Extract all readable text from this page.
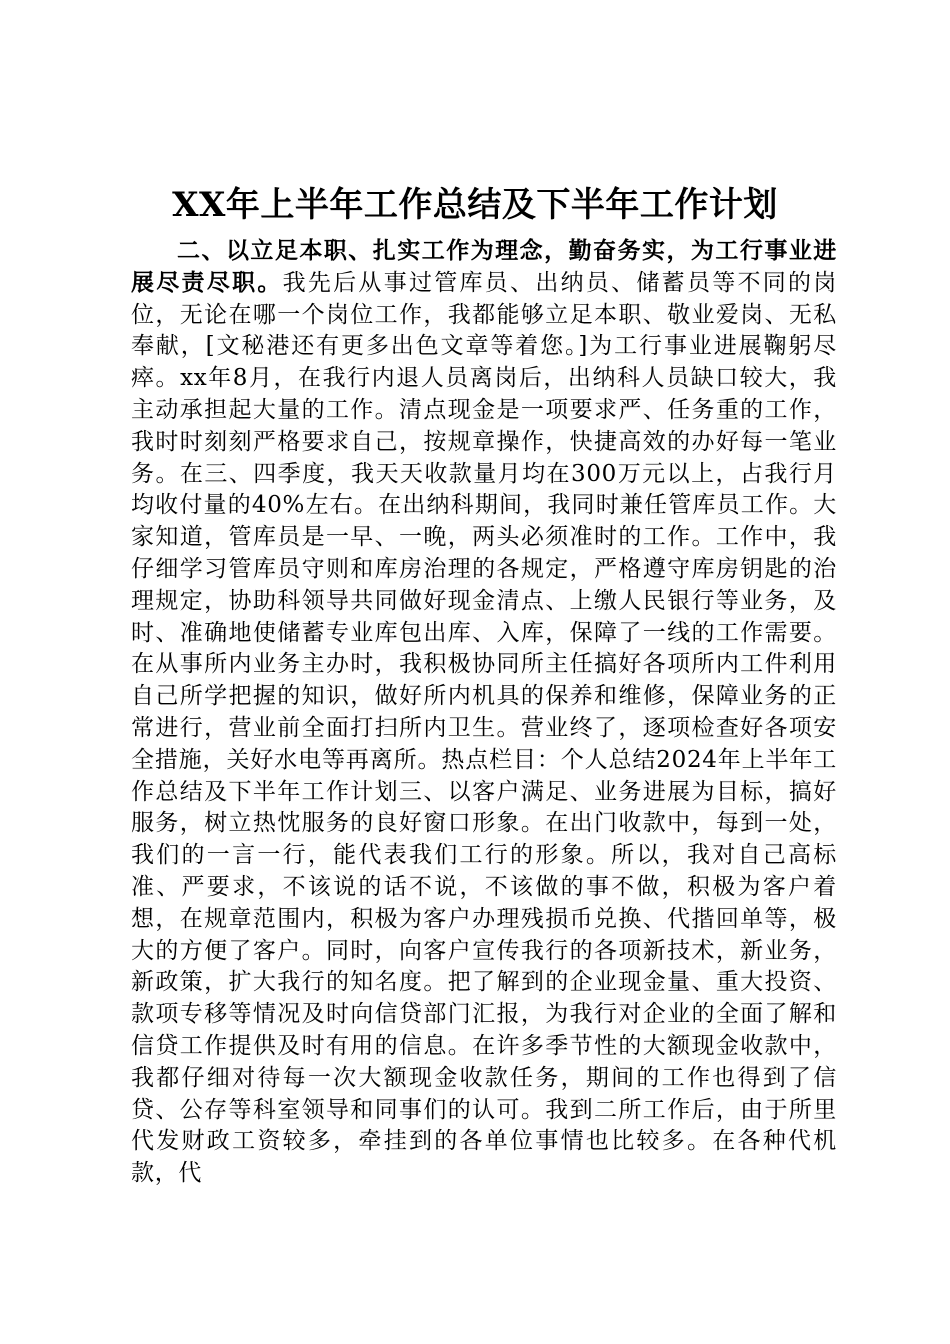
XX年上半年工作总结及下半年工作计划

二、以立足本职、扎实工作为理念，勤奋务实，为工行事业进展尽责尽职。我先后从事过管库员、出纳员、储蓄员等不同的岗位，无论在哪一个岗位工作，我都能够立足本职、敬业爱岗、无私奉献，[文秘港还有更多出色文章等着您。]为工行事业进展鞠躬尽瘁。xx年8月，在我行内退人员离岗后，出纳科人员缺口较大，我主动承担起大量的工作。清点现金是一项要求严、任务重的工作，我时时刻刻严格要求自己，按规章操作，快捷高效的办好每一笔业务。在三、四季度，我天天收款量月均在300万元以上，占我行月均收付量的40%左右。在出纳科期间，我同时兼任管库员工作。大家知道，管库员是一早、一晚，两头必须准时的工作。工作中，我仔细学习管库员守则和库房治理的各规定，严格遵守库房钥匙的治理规定，协助科领导共同做好现金清点、上缴人民银行等业务，及时、准确地使储蓄专业库包出库、入库，保障了一线的工作需要。在从事所内业务主办时，我积极协同所主任搞好各项所内工件利用自己所学把握的知识，做好所内机具的保养和维修，保障业务的正常进行，营业前全面打扫所内卫生。营业终了，逐项检查好各项安全措施，关好水电等再离所。热点栏目：个人总结2024年上半年工作总结及下半年工作计划三、以客户满足、业务进展为目标，搞好服务，树立热忱服务的良好窗口形象。在出门收款中，每到一处，我们的一言一行，能代表我们工行的形象。所以，我对自己高标准、严要求，不该说的话不说，不该做的事不做，积极为客户着想，在规章范围内，积极为客户办理残损币兑换、代揩回单等，极大的方便了客户。同时，向客户宣传我行的各项新技术，新业务，新政策，扩大我行的知名度。把了解到的企业现金量、重大投资、款项专移等情况及时向信贷部门汇报，为我行对企业的全面了解和信贷工作提供及时有用的信息。在许多季节性的大额现金收款中，我都仔细对待每一次大额现金收款任务，期间的工作也得到了信贷、公存等科室领导和同事们的认可。我到二所工作后，由于所里代发财政工资较多，牵挂到的各单位事情也比较多。在各种代机款，代
